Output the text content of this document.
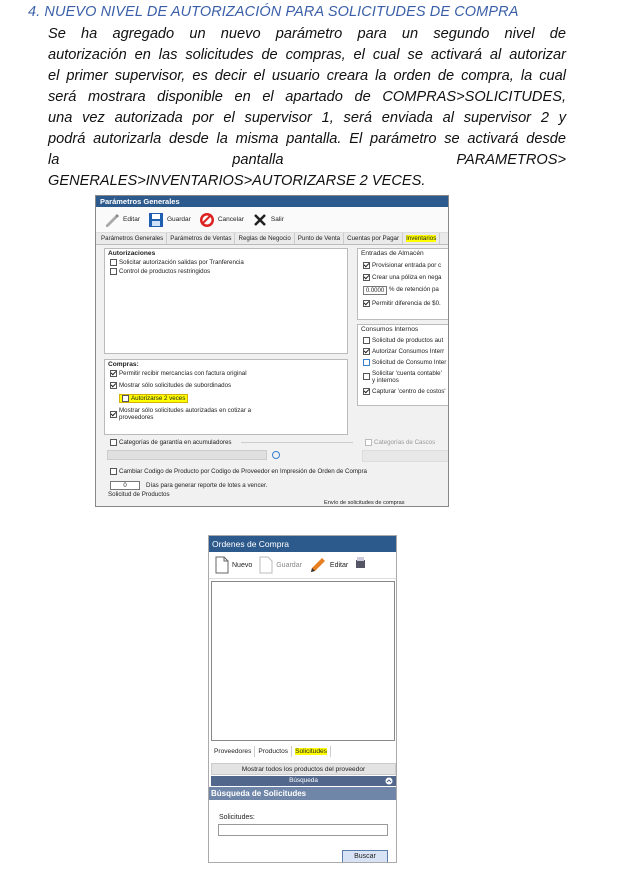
4. NUEVO NIVEL DE AUTORIZACIÓN PARA SOLICITUDES DE COMPRA
Se ha agregado un nuevo parámetro para un segundo nivel de
autorización en las solicitudes de compras, el cual se activará al autorizar
el primer supervisor, es decir el usuario creara la orden de compra, la cual
será mostrara disponible en el apartado de COMPRAS>SOLICITUDES,
una vez autorizada por el supervisor 1, será enviada al supervisor 2 y
podrá autorizarla desde la misma pantalla. El parámetro se activará desde
la pantalla PARAMETROS>
GENERALES>INVENTARIOS>AUTORIZARSE 2 VECES.
Parámetros Generales
Editar	Guardar	Cancelar	Salir
Parámetros Generales	Parámetros de Ventas	Reglas de Negocio	Punto de Venta	Cuentas por Pagar	Inventarios
Autorizaciones
Solicitar autorización salidas por Tranferencia
Control de productos restringidos
Compras:
Permitir recibir mercancías con factura original
Mostrar sólo solicitudes de subordinados
Autorizarse 2 veces
Mostrar sólo solicitudes autorizadas en cotizar a proveedores
Entradas de Almacén
Provisionar entrada por c
Crear una póliza en nega
0.0000 % de retención pa
Permitir diferencia de $0.
Consumos Internos
Solicitud de productos aut
Autorizar Consumos Interr
Solicitud de Consumo Inter
Solicitar 'cuenta contable' y internos
Capturar 'centro de costos'
Categorías de garantía en acumuladores	Categorías de Cascos
Cambiar Codigo de Producto por Codigo de Proveedor en Impresión de Orden de Compra
0	Días para generar reporte de lotes a vencer.
Solicitud de Productos
Envío de solicitudes de compras
Ordenes de Compra
Nuevo	Guardar	Editar
Proveedores	Productos	Solicitudes
Mostrar todos los productos del proveedor
Búsqueda
Búsqueda de Solicitudes
Solicitudes:
Buscar
